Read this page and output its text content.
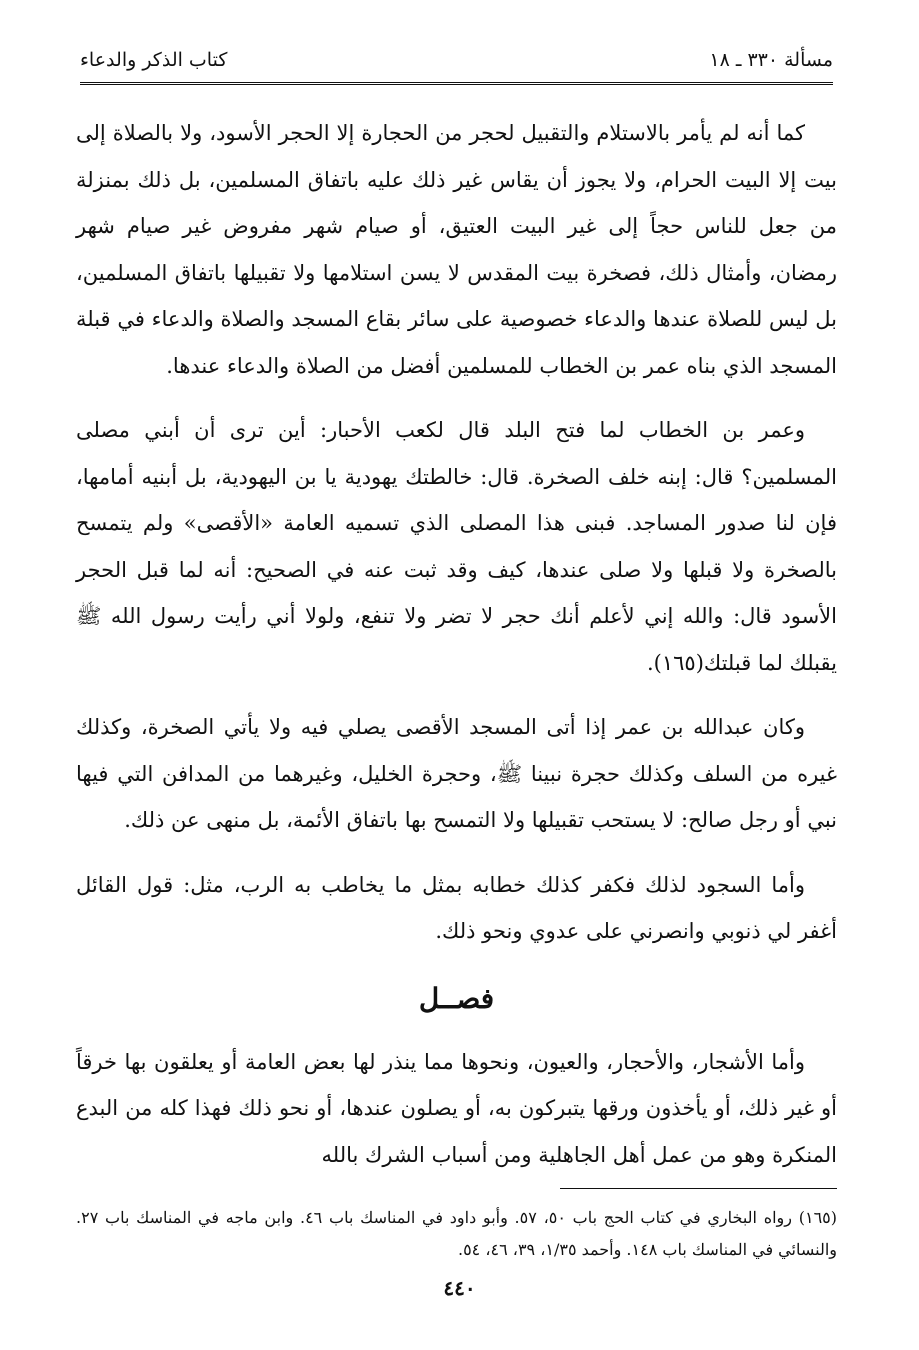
كتاب الذكر والدعاء	مسألة ٣٣٠ ـ ١٨

كما أنه لم يأمر بالاستلام والتقبيل لحجر من الحجارة إلا الحجر الأسود، ولا بالصلاة إلى بيت إلا البيت الحرام، ولا يجوز أن يقاس غير ذلك عليه باتفاق المسلمين، بل ذلك بمنزلة من جعل للناس حجاً إلى غير البيت العتيق، أو صيام شهر مفروض غير صيام شهر رمضان، وأمثال ذلك، فصخرة بيت المقدس لا يسن استلامها ولا تقبيلها باتفاق المسلمين، بل ليس للصلاة عندها والدعاء خصوصية على سائر بقاع المسجد والصلاة والدعاء في قبلة المسجد الذي بناه عمر بن الخطاب للمسلمين أفضل من الصلاة والدعاء عندها.

وعمر بن الخطاب لما فتح البلد قال لكعب الأحبار: أين ترى أن أبني مصلى المسلمين؟ قال: إبنه خلف الصخرة. قال: خالطتك يهودية يا بن اليهودية، بل أبنيه أمامها، فإن لنا صدور المساجد. فبنى هذا المصلى الذي تسميه العامة «الأقصى» ولم يتمسح بالصخرة ولا قبلها ولا صلى عندها، كيف وقد ثبت عنه في الصحيح: أنه لما قبل الحجر الأسود قال: والله إني لأعلم أنك حجر لا تضر ولا تنفع، ولولا أني رأيت رسول الله ﷺ يقبلك لما قبلتك(١٦٥).

وكان عبدالله بن عمر إذا أتى المسجد الأقصى يصلي فيه ولا يأتي الصخرة، وكذلك غيره من السلف وكذلك حجرة نبينا ﷺ، وحجرة الخليل، وغيرهما من المدافن التي فيها نبي أو رجل صالح: لا يستحب تقبيلها ولا التمسح بها باتفاق الأئمة، بل منهى عن ذلك.

وأما السجود لذلك فكفر كذلك خطابه بمثل ما يخاطب به الرب، مثل: قول القائل أغفر لي ذنوبي وانصرني على عدوي ونحو ذلك.

فصــل

وأما الأشجار، والأحجار، والعيون، ونحوها مما ينذر لها بعض العامة أو يعلقون بها خرقاً أو غير ذلك، أو يأخذون ورقها يتبركون به، أو يصلون عندها، أو نحو ذلك فهذا كله من البدع المنكرة وهو من عمل أهل الجاهلية ومن أسباب الشرك بالله

(١٦٥) رواه البخاري في كتاب الحج باب ٥٠، ٥٧. وأبو داود في المناسك باب ٤٦. وابن ماجه في المناسك باب ٢٧. والنسائي في المناسك باب ١٤٨. وأحمد ١/٣٥، ٣٩، ٤٦، ٥٤.

٤٤٠
